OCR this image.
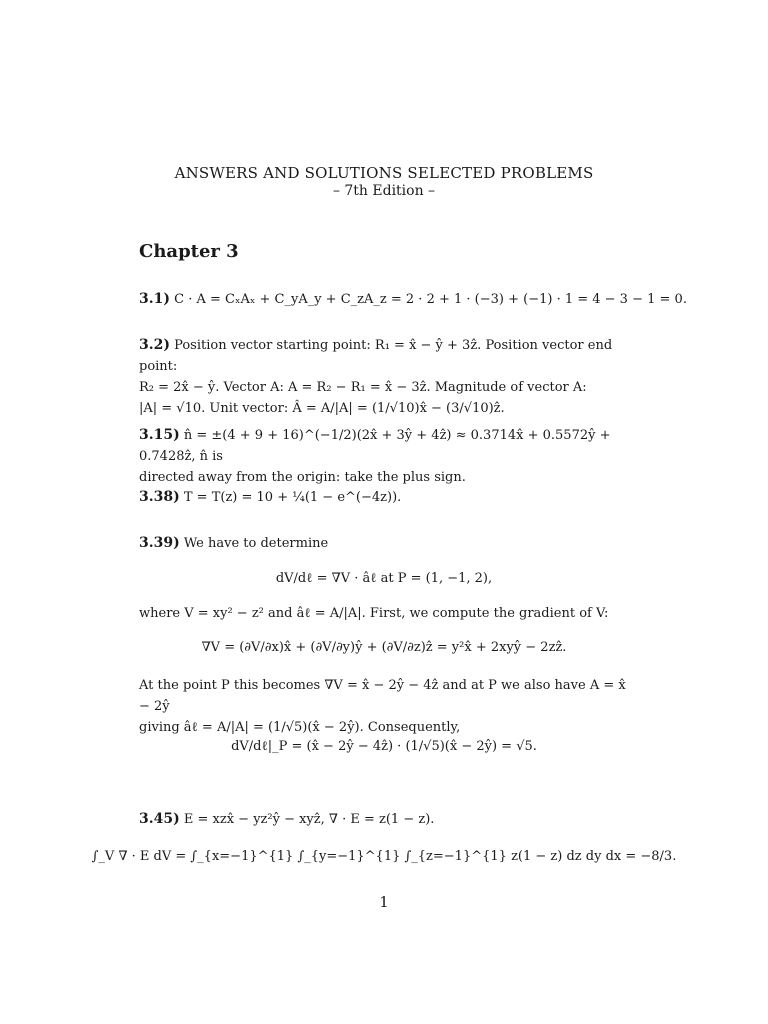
ANSWERS AND SOLUTIONS SELECTED PROBLEMS
– 7th Edition –
Chapter 3
3.1) C · A = CₓAₓ + C_yA_y + C_zA_z = 2 · 2 + 1 · (−3) + (−1) · 1 = 4 − 3 − 1 = 0.
3.2) Position vector starting point: R₁ = x̂ − ŷ + 3ẑ. Position vector end point:
R₂ = 2x̂ − ŷ. Vector A: A = R₂ − R₁ = x̂ − 3ẑ. Magnitude of vector A:
|A| = √10. Unit vector: Â = A/|A| = (1/√10)x̂ − (3/√10)ẑ.
3.15) n̂ = ±(4 + 9 + 16)^(−1/2)(2x̂ + 3ŷ + 4ẑ) ≈ 0.3714x̂ + 0.5572ŷ + 0.7428ẑ, n̂ is
directed away from the origin: take the plus sign.
3.38) T = T(z) = 10 + ¼(1 − e^(−4z)).
3.39) We have to determine
dV/dℓ = ∇V · âℓ at P = (1, −1, 2),
where V = xy² − z² and âℓ = A/|A|. First, we compute the gradient of V:
∇V = (∂V/∂x)x̂ + (∂V/∂y)ŷ + (∂V/∂z)ẑ = y²x̂ + 2xyŷ − 2zẑ.
At the point P this becomes ∇V = x̂ − 2ŷ − 4ẑ and at P we also have A = x̂ − 2ŷ
giving âℓ = A/|A| = (1/√5)(x̂ − 2ŷ). Consequently,
dV/dℓ|_P = (x̂ − 2ŷ − 4ẑ) · (1/√5)(x̂ − 2ŷ) = √5.
3.45) E = xzx̂ − yz²ŷ − xyẑ, ∇ · E = z(1 − z).
∫_V ∇ · E dV = ∫_{x=−1}^{1} ∫_{y=−1}^{1} ∫_{z=−1}^{1} z(1 − z) dz dy dx = −8/3.
1
